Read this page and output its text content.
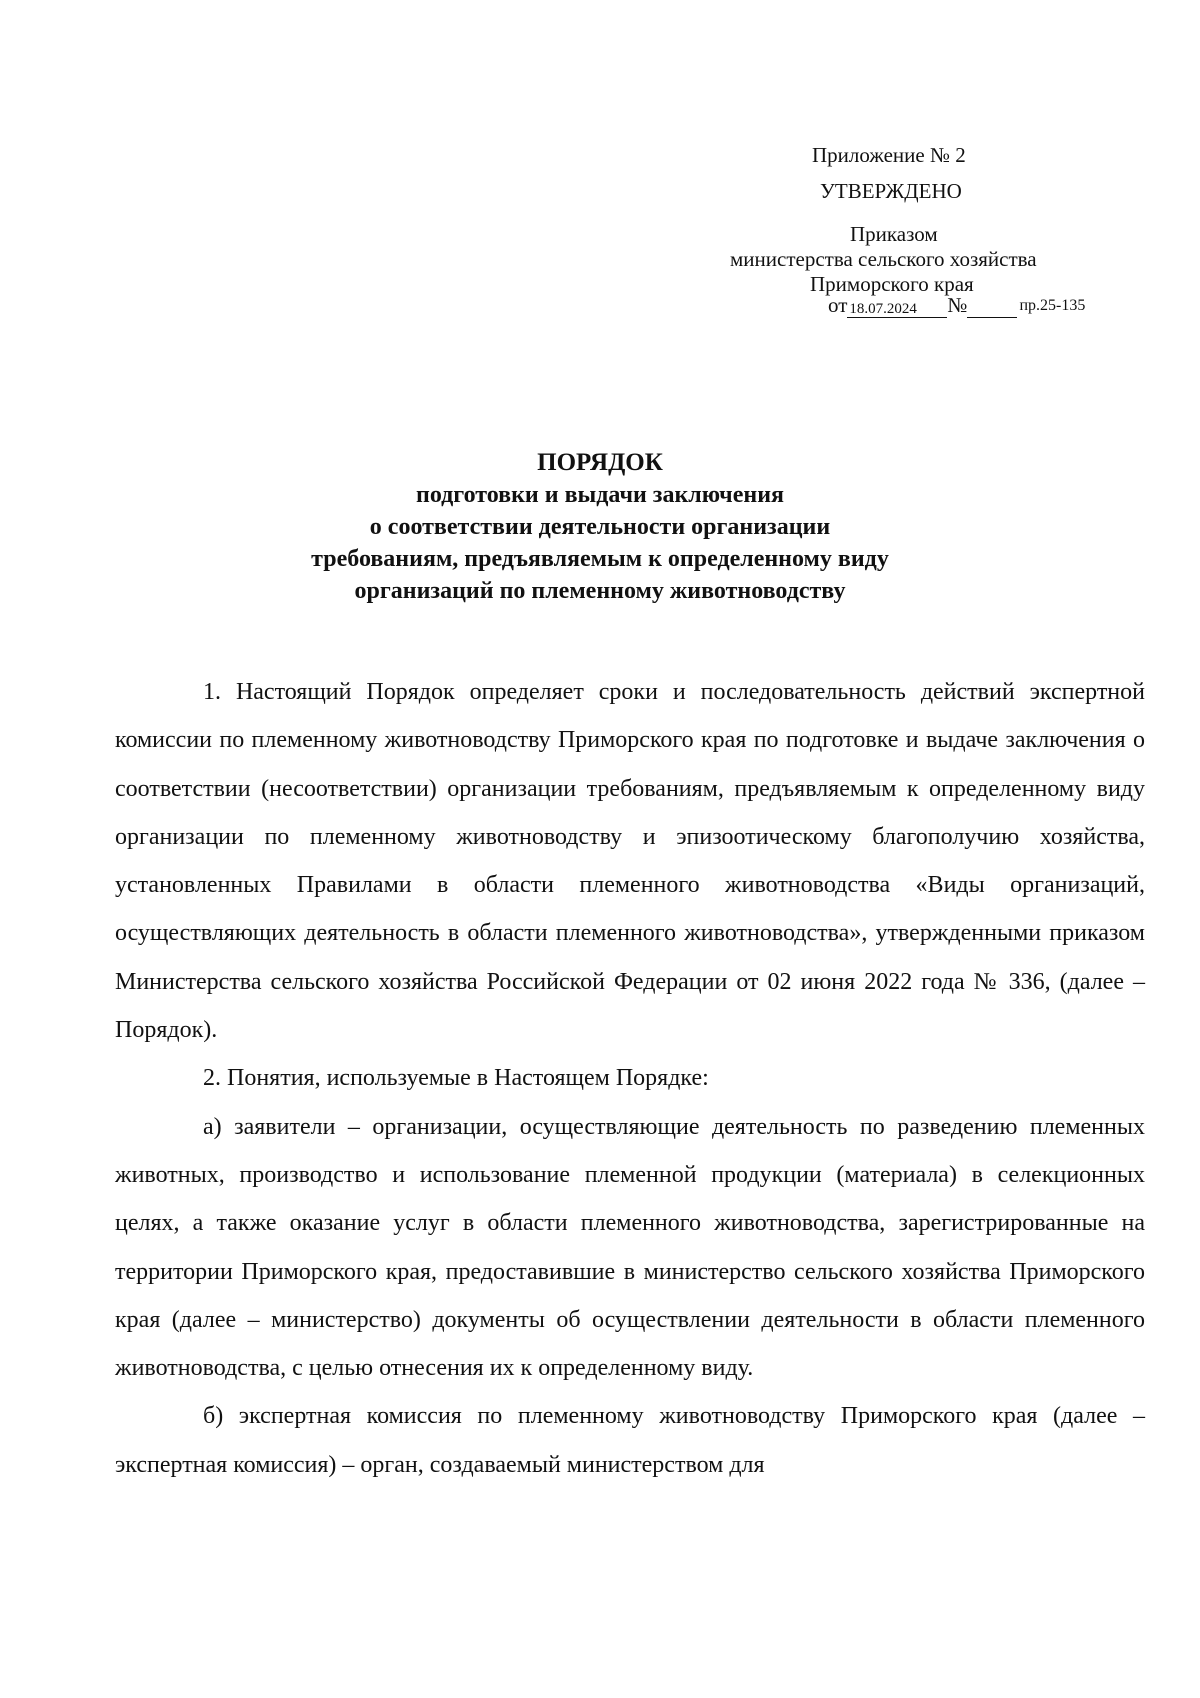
Приложение № 2
УТВЕРЖДЕНО
Приказом
министерства сельского хозяйства
Приморского края
от 18.07.2024 №	пр.25-135
ПОРЯДОК
подготовки и выдачи заключения
о соответствии деятельности организации
требованиям, предъявляемым к определенному виду
организаций по племенному животноводству

1. Настоящий Порядок определяет сроки и последовательность действий экспертной комиссии по племенному животноводству Приморского края по подготовке и выдаче заключения о соответствии (несоответствии) организации требованиям, предъявляемым к определенному виду организации по племенному животноводству и эпизоотическому благополучию хозяйства, установленных Правилами в области племенного животноводства «Виды организаций, осуществляющих деятельность в области племенного животноводства», утвержденными приказом Министерства сельского хозяйства Российской Федерации от 02 июня 2022 года № 336, (далее – Порядок).

2. Понятия, используемые в Настоящем Порядке:

а) заявители – организации, осуществляющие деятельность по разведению племенных животных, производство и использование племенной продукции (материала) в селекционных целях, а также оказание услуг в области племенного животноводства, зарегистрированные на территории Приморского края, предоставившие в министерство сельского хозяйства Приморского края (далее – министерство) документы об осуществлении деятельности в области племенного животноводства, с целью отнесения их к определенному виду.

б) экспертная комиссия по племенному животноводству Приморского края (далее – экспертная комиссия) – орган, создаваемый министерством для
